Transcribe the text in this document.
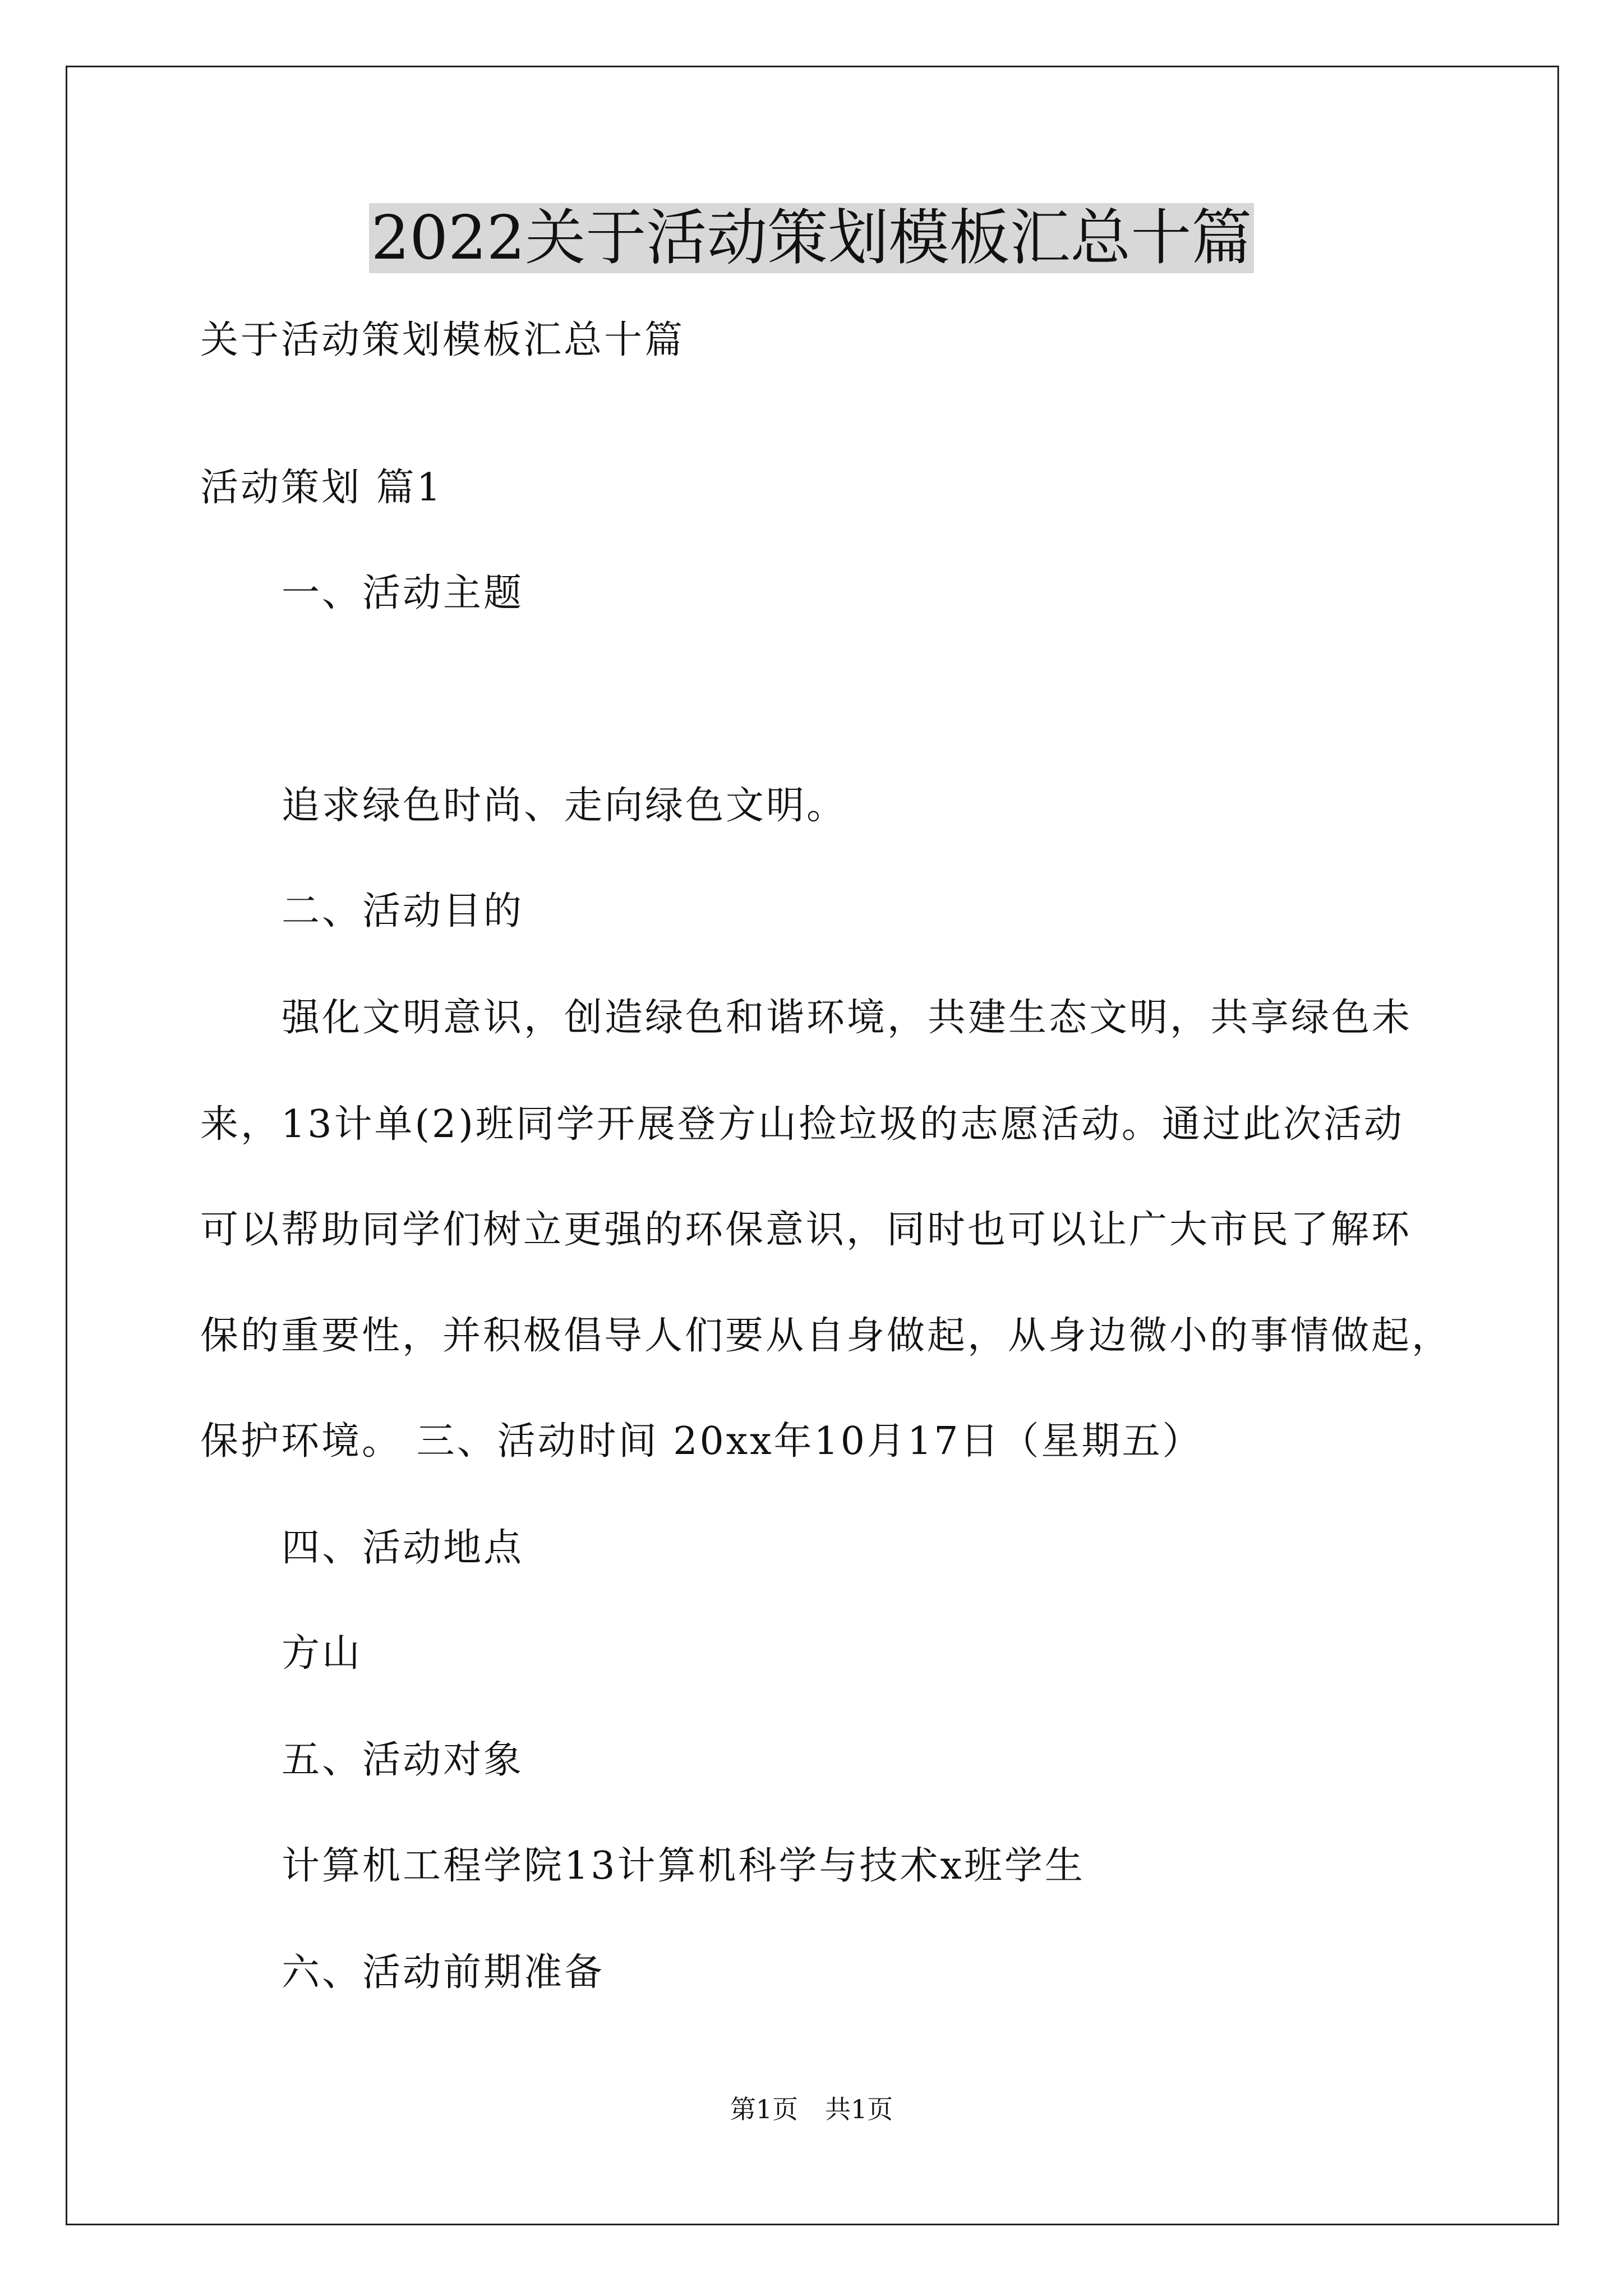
2022关于活动策划模板汇总十篇
关于活动策划模板汇总十篇
活动策划 篇1
一、活动主题
追求绿色时尚、走向绿色文明。
二、活动目的
强化文明意识，创造绿色和谐环境，共建生态文明，共享绿色未
来，13计单(2)班同学开展登方山捡垃圾的志愿活动。通过此次活动
可以帮助同学们树立更强的环保意识，同时也可以让广大市民了解环
保的重要性，并积极倡导人们要从自身做起，从身边微小的事情做起，
保护环境。 三、活动时间 20xx年10月17日（星期五）
四、活动地点
方山
五、活动对象
计算机工程学院13计算机科学与技术x班学生
六、活动前期准备
第1页 共1页
